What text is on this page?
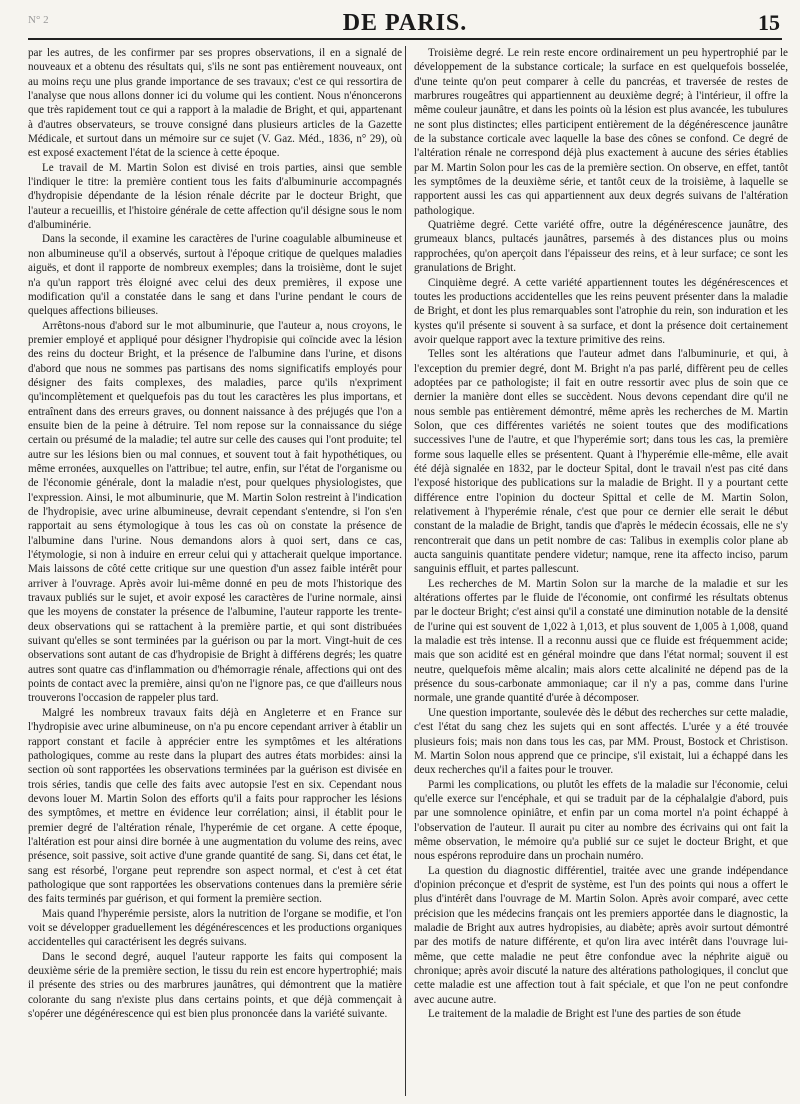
N° 2	DE PARIS.	15

par les autres, de les confirmer par ses propres observations, il en a signalé de nouveaux et a obtenu des résultats qui, s'ils ne sont pas entièrement nouveaux, ont au moins reçu une plus grande importance de ses travaux; c'est ce qui ressortira de l'analyse que nous allons donner ici du volume qui les contient. Nous n'énoncerons que très rapidement tout ce qui a rapport à la maladie de Bright, et qui, appartenant à d'autres observateurs, se trouve consigné dans plusieurs articles de la Gazette Médicale, et surtout dans un mémoire sur ce sujet (V. Gaz. Méd., 1836, n° 29), où est exposé exactement l'état de la science à cette époque.

Le travail de M. Martin Solon est divisé en trois parties, ainsi que semble l'indiquer le titre: la première contient tous les faits d'albuminurie accompagnés d'hydropisie dépendante de la lésion rénale décrite par le docteur Bright, que l'auteur a recueillis, et l'histoire générale de cette affection qu'il désigne sous le nom d'albuminérie.

Dans la seconde, il examine les caractères de l'urine coagulable albumineuse et non albumineuse qu'il a observés, surtout à l'époque critique de quelques maladies aiguës, et dont il rapporte de nombreux exemples; dans la troisième, dont le sujet n'a qu'un rapport très éloigné avec celui des deux premières, il expose une modification qu'il a constatée dans le sang et dans l'urine pendant le cours de quelques affections bilieuses.

Arrêtons-nous d'abord sur le mot albuminurie, que l'auteur a, nous croyons, le premier employé et appliqué pour désigner l'hydropisie qui coïncide avec la lésion des reins du docteur Bright, et la présence de l'albumine dans l'urine, et disons d'abord que nous ne sommes pas partisans des noms significatifs employés pour désigner des faits complexes, des maladies, parce qu'ils n'expriment qu'incomplètement et quelquefois pas du tout les caractères les plus importans, et entraînent dans des erreurs graves, ou donnent naissance à des préjugés que l'on a ensuite bien de la peine à détruire. Tel nom repose sur la connaissance du siége certain ou présumé de la maladie; tel autre sur celle des causes qui l'ont produite; tel autre sur les lésions bien ou mal connues, et souvent tout à fait hypothétiques, ou même erronées, auxquelles on l'attribue; tel autre, enfin, sur l'état de l'organisme ou de l'économie générale, dont la maladie n'est, pour quelques physiologistes, que l'expression. Ainsi, le mot albuminurie, que M. Martin Solon restreint à l'indication de l'hydropisie, avec urine albumineuse, devrait cependant s'entendre, si l'on s'en rapportait au sens étymologique à tous les cas où on constate la présence de l'albumine dans l'urine. Nous demandons alors à quoi sert, dans ce cas, l'étymologie, si non à induire en erreur celui qui y attacherait quelque importance. Mais laissons de côté cette critique sur une question d'un assez faible intérêt pour arriver à l'ouvrage. Après avoir lui-même donné en peu de mots l'historique des travaux publiés sur le sujet, et avoir exposé les caractères de l'urine normale, ainsi que les moyens de constater la présence de l'albumine, l'auteur rapporte les trente-deux observations qui se rattachent à la première partie, et qui sont distribuées suivant qu'elles se sont terminées par la guérison ou par la mort. Vingt-huit de ces observations sont autant de cas d'hydropisie de Bright à différens degrés; les quatre autres sont quatre cas d'inflammation ou d'hémorragie rénale, affections qui ont des points de contact avec la première, ainsi qu'on ne l'ignore pas, ce que d'ailleurs nous trouverons l'occasion de rappeler plus tard.

Malgré les nombreux travaux faits déjà en Angleterre et en France sur l'hydropisie avec urine albumineuse, on n'a pu encore cependant arriver à établir un rapport constant et facile à apprécier entre les symptômes et les altérations pathologiques, comme au reste dans la plupart des autres états morbides: ainsi la section où sont rapportées les observations terminées par la guérison est divisée en trois séries, tandis que celle des faits avec autopsie l'est en six. Cependant nous devons louer M. Martin Solon des efforts qu'il a faits pour rapprocher les lésions des symptômes, et mettre en évidence leur corrélation; ainsi, il établit pour le premier degré de l'altération rénale, l'hyperémie de cet organe. A cette époque, l'altération est pour ainsi dire bornée à une augmentation du volume des reins, avec présence, soit passive, soit active d'une grande quantité de sang. Si, dans cet état, le sang est résorbé, l'organe peut reprendre son aspect normal, et c'est à cet état pathologique que sont rapportées les observations contenues dans la première série des faits terminés par guérison, et qui forment la première section.

Mais quand l'hyperémie persiste, alors la nutrition de l'organe se modifie, et l'on voit se développer graduellement les dégénérescences et les productions organiques accidentelles qui caractérisent les degrés suivans.

Dans le second degré, auquel l'auteur rapporte les faits qui composent la deuxième série de la première section, le tissu du rein est encore hypertrophié; mais il présente des stries ou des marbrures jaunâtres, qui démontrent que la matière colorante du sang n'existe plus dans certains points, et que déjà commençait à s'opérer une dégénérescence qui est bien plus prononcée dans la variété suivante.

Troisième degré. Le rein reste encore ordinairement un peu hypertrophié par le développement de la substance corticale; la surface en est quelquefois bosselée, d'une teinte qu'on peut comparer à celle du pancréas, et traversée de restes de marbrures rougeâtres qui appartiennent au deuxième degré; à l'intérieur, il offre la même couleur jaunâtre, et dans les points où la lésion est plus avancée, les tubulures ne sont plus distinctes; elles participent entièrement de la dégénérescence jaunâtre de la substance corticale avec laquelle la base des cônes se confond. Ce degré de l'altération rénale ne correspond déjà plus exactement à aucune des séries établies par M. Martin Solon pour les cas de la première section. On observe, en effet, tantôt les symptômes de la deuxième série, et tantôt ceux de la troisième, à laquelle se rapportent aussi les cas qui appartiennent aux deux degrés suivans de l'altération pathologique.

Quatrième degré. Cette variété offre, outre la dégénérescence jaunâtre, des grumeaux blancs, pultacés jaunâtres, parsemés à des distances plus ou moins rapprochées, qu'on aperçoit dans l'épaisseur des reins, et à leur surface; ce sont les granulations de Bright.

Cinquième degré. A cette variété appartiennent toutes les dégénérescences et toutes les productions accidentelles que les reins peuvent présenter dans la maladie de Bright, et dont les plus remarquables sont l'atrophie du rein, son induration et les kystes qu'il présente si souvent à sa surface, et dont la présence doit certainement avoir quelque rapport avec la texture primitive des reins.

Telles sont les altérations que l'auteur admet dans l'albuminurie, et qui, à l'exception du premier degré, dont M. Bright n'a pas parlé, diffèrent peu de celles adoptées par ce pathologiste; il fait en outre ressortir avec plus de soin que ce dernier la manière dont elles se succèdent. Nous devons cependant dire qu'il ne nous semble pas entièrement démontré, même après les recherches de M. Martin Solon, que ces différentes variétés ne soient toutes que des modifications successives l'une de l'autre, et que l'hyperémie sort; dans tous les cas, la première forme sous laquelle elles se présentent. Quant à l'hyperémie elle-même, elle avait été déjà signalée en 1832, par le docteur Spital, dont le travail n'est pas cité dans l'exposé historique des publications sur la maladie de Bright. Il y a pourtant cette différence entre l'opinion du docteur Spittal et celle de M. Martin Solon, relativement à l'hyperémie rénale, c'est que pour ce dernier elle serait le début constant de la maladie de Bright, tandis que d'après le médecin écossais, elle ne s'y rencontrerait que dans un petit nombre de cas: Talibus in exemplis color plane ab aucta sanguinis quantitate pendere videtur; namque, rene ita affecto inciso, parum sanguinis effluit, et partes pallescunt.

Les recherches de M. Martin Solon sur la marche de la maladie et sur les altérations offertes par le fluide de l'économie, ont confirmé les résultats obtenus par le docteur Bright; c'est ainsi qu'il a constaté une diminution notable de la densité de l'urine qui est souvent de 1,022 à 1,013, et plus souvent de 1,005 à 1,008, quand la maladie est très intense. Il a reconnu aussi que ce fluide est fréquemment acide; mais que son acidité est en général moindre que dans l'état normal; souvent il est neutre, quelquefois même alcalin; mais alors cette alcalinité ne dépend pas de la présence du sous-carbonate ammoniaque; car il n'y a pas, comme dans l'urine normale, une grande quantité d'urée à décomposer.

Une question importante, soulevée dès le début des recherches sur cette maladie, c'est l'état du sang chez les sujets qui en sont affectés. L'urée y a été trouvée plusieurs fois; mais non dans tous les cas, par MM. Proust, Bostock et Christison. M. Martin Solon nous apprend que ce principe, s'il existait, lui a échappé dans les deux recherches qu'il a faites pour le trouver.

Parmi les complications, ou plutôt les effets de la maladie sur l'économie, celui qu'elle exerce sur l'encéphale, et qui se traduit par de la céphalalgie d'abord, puis par une somnolence opiniâtre, et enfin par un coma mortel n'a point échappé à l'observation de l'auteur. Il aurait pu citer au nombre des écrivains qui ont fait la même observation, le mémoire qu'a publié sur ce sujet le docteur Bright, et que nous espérons reproduire dans un prochain numéro.

La question du diagnostic différentiel, traitée avec une grande indépendance d'opinion préconçue et d'esprit de système, est l'un des points qui nous a offert le plus d'intérêt dans l'ouvrage de M. Martin Solon. Après avoir comparé, avec cette précision que les médecins français ont les premiers apportée dans le diagnostic, la maladie de Bright aux autres hydropisies, au diabète; après avoir surtout démontré par des motifs de nature différente, et qu'on lira avec intérêt dans l'ouvrage lui-même, que cette maladie ne peut être confondue avec la néphrite aiguë ou chronique; après avoir discuté la nature des altérations pathologiques, il conclut que cette maladie est une affection tout à fait spéciale, et que l'on ne peut confondre avec aucune autre.

Le traitement de la maladie de Bright est l'une des parties de son étude
